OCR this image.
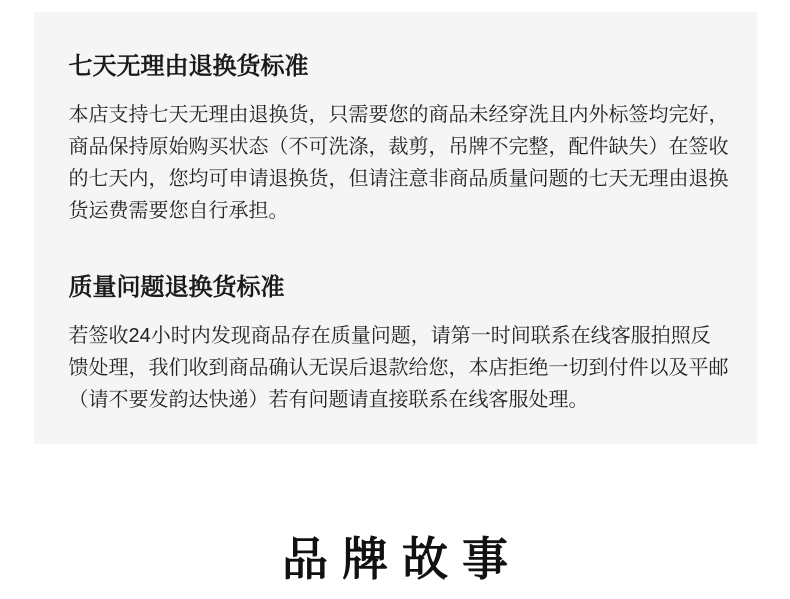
七天无理由退换货标准
本店支持七天无理由退换货，只需要您的商品未经穿洗且内外标签均完好，商品保持原始购买状态（不可洗涤，裁剪，吊牌不完整，配件缺失）在签收的七天内，您均可申请退换货，但请注意非商品质量问题的七天无理由退换货运费需要您自行承担。
质量问题退换货标准
若签收24小时内发现商品存在质量问题，请第一时间联系在线客服拍照反馈处理，我们收到商品确认无误后退款给您，本店拒绝一切到付件以及平邮（请不要发韵达快递）若有问题请直接联系在线客服处理。
品牌故事
